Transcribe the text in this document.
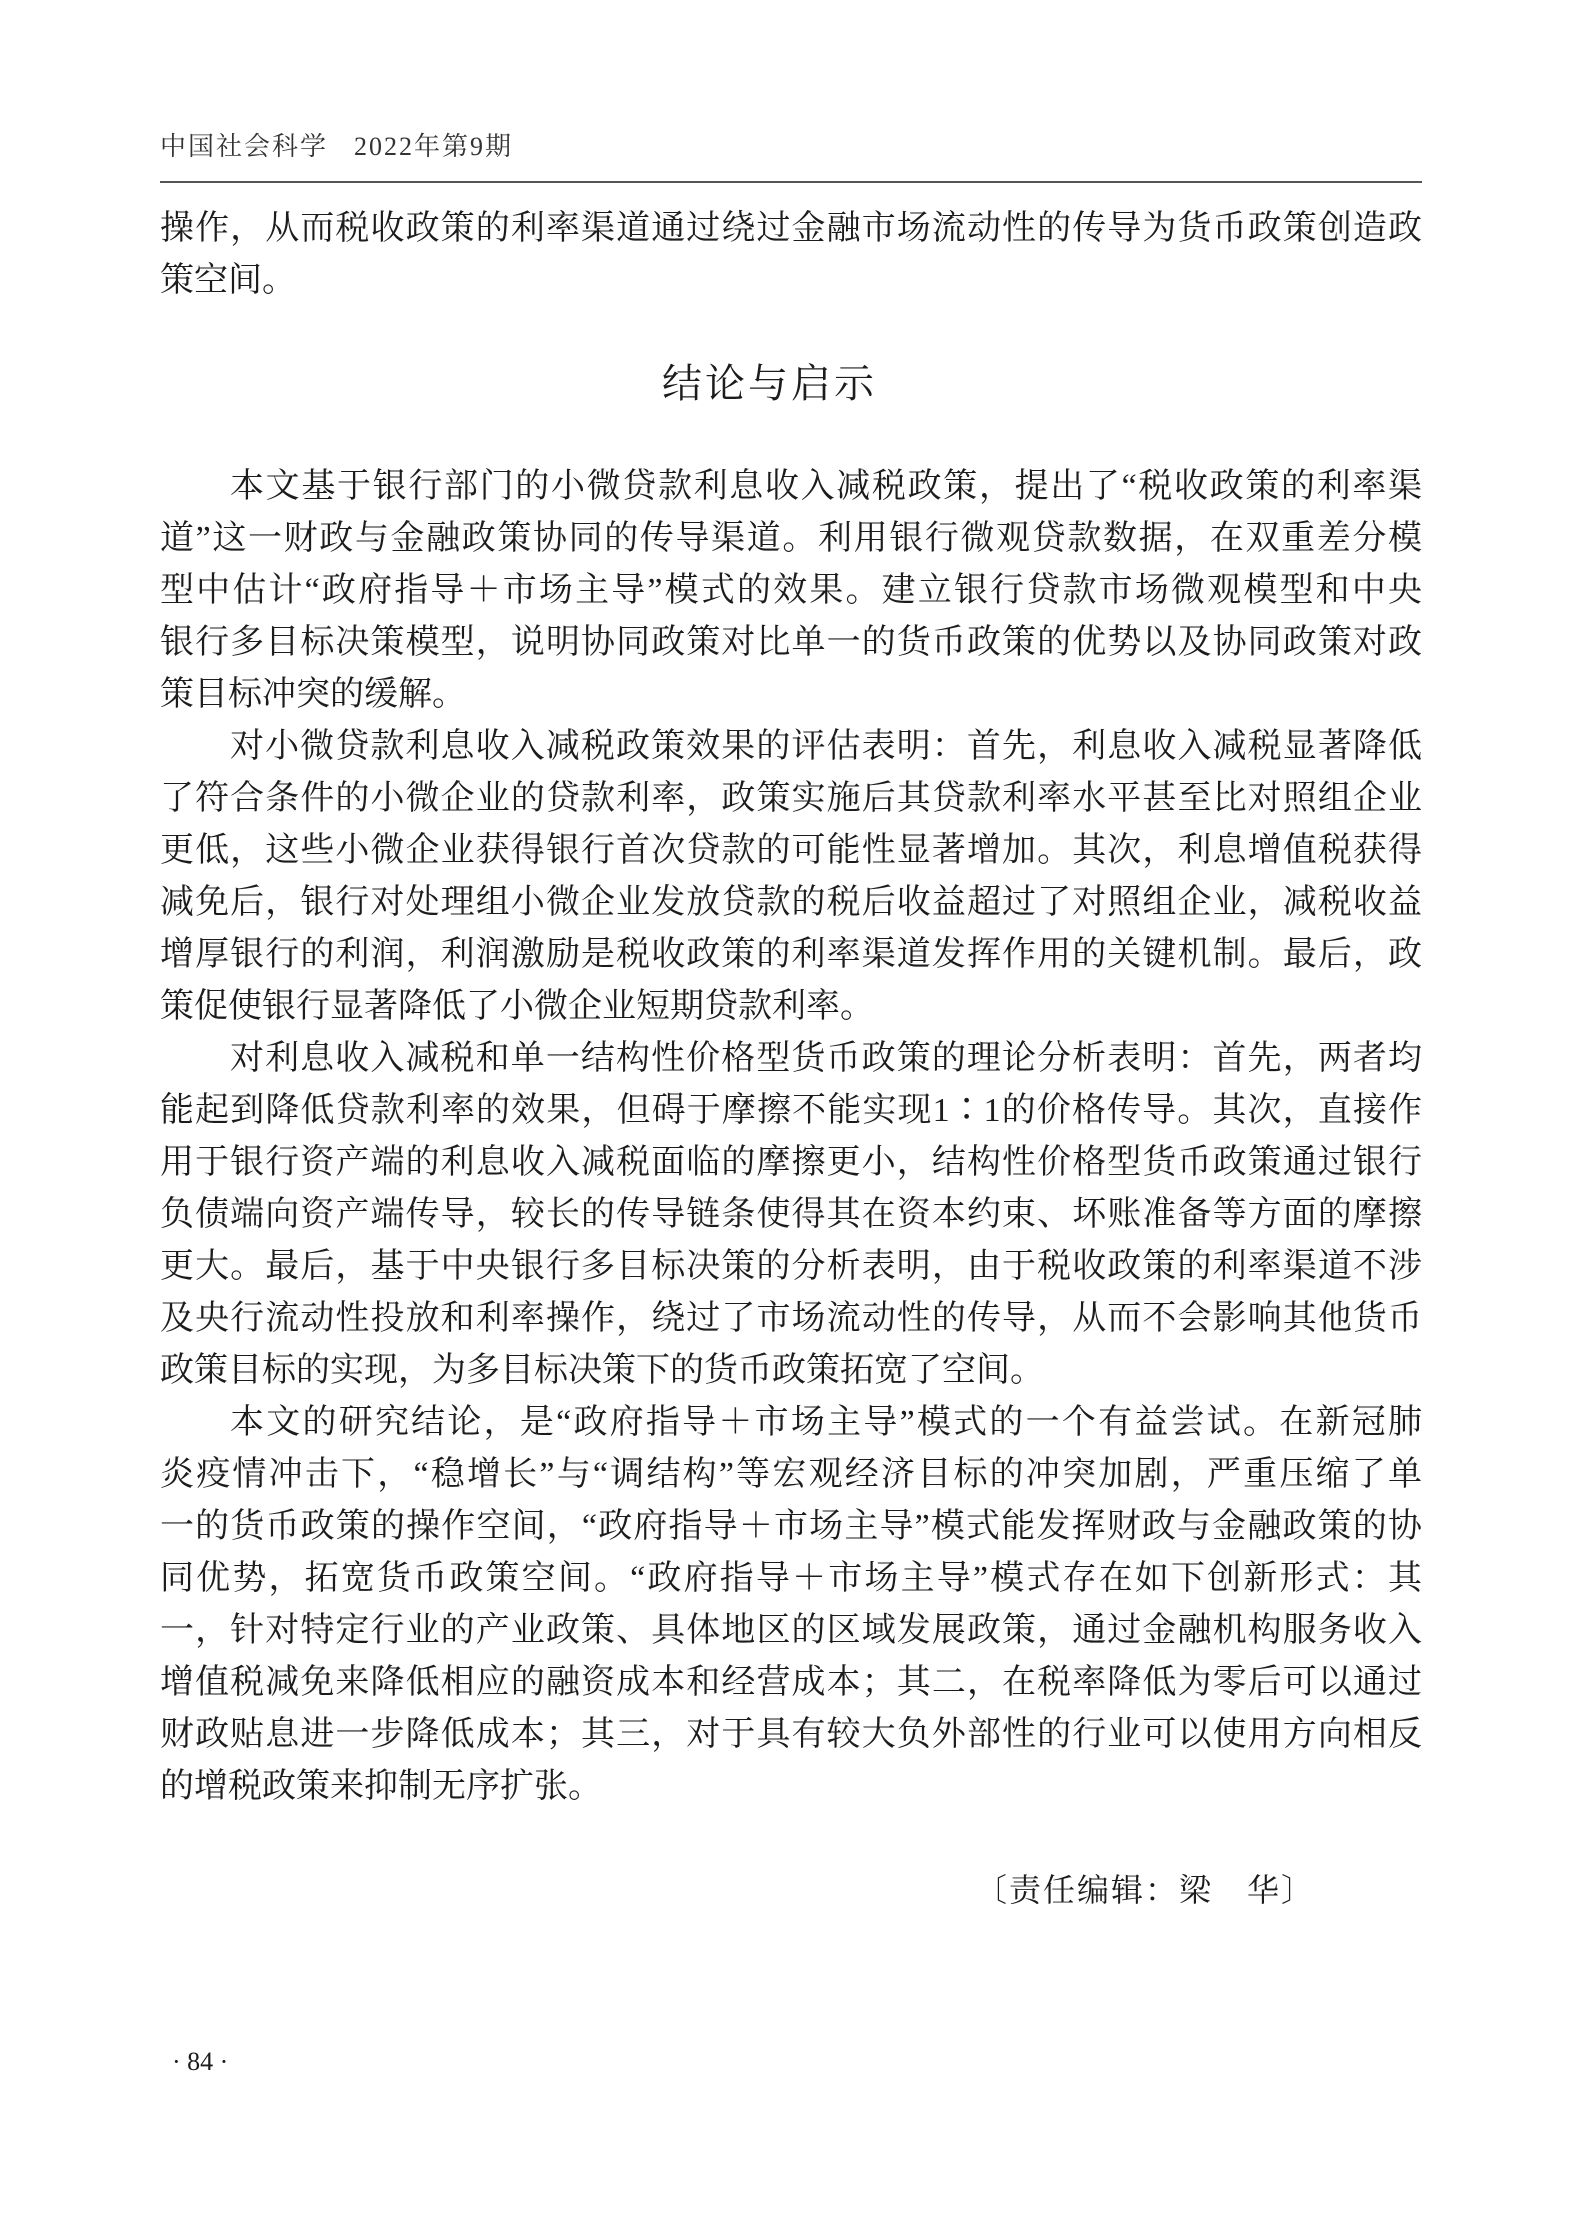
中国社会科学 2022年第9期
操作，从而税收政策的利率渠道通过绕过金融市场流动性的传导为货币政策创造政
策空间。
结论与启示
本文基于银行部门的小微贷款利息收入减税政策，提出了“税收政策的利率渠
道”这一财政与金融政策协同的传导渠道。利用银行微观贷款数据，在双重差分模
型中估计“政府指导＋市场主导”模式的效果。建立银行贷款市场微观模型和中央
银行多目标决策模型，说明协同政策对比单一的货币政策的优势以及协同政策对政
策目标冲突的缓解。
对小微贷款利息收入减税政策效果的评估表明：首先，利息收入减税显著降低
了符合条件的小微企业的贷款利率，政策实施后其贷款利率水平甚至比对照组企业
更低，这些小微企业获得银行首次贷款的可能性显著增加。其次，利息增值税获得
减免后，银行对处理组小微企业发放贷款的税后收益超过了对照组企业，减税收益
增厚银行的利润，利润激励是税收政策的利率渠道发挥作用的关键机制。最后，政
策促使银行显著降低了小微企业短期贷款利率。
对利息收入减税和单一结构性价格型货币政策的理论分析表明：首先，两者均
能起到降低贷款利率的效果，但碍于摩擦不能实现1∶1的价格传导。其次，直接作
用于银行资产端的利息收入减税面临的摩擦更小，结构性价格型货币政策通过银行
负债端向资产端传导，较长的传导链条使得其在资本约束、坏账准备等方面的摩擦
更大。最后，基于中央银行多目标决策的分析表明，由于税收政策的利率渠道不涉
及央行流动性投放和利率操作，绕过了市场流动性的传导，从而不会影响其他货币
政策目标的实现，为多目标决策下的货币政策拓宽了空间。
本文的研究结论，是“政府指导＋市场主导”模式的一个有益尝试。在新冠肺
炎疫情冲击下，“稳增长”与“调结构”等宏观经济目标的冲突加剧，严重压缩了单
一的货币政策的操作空间，“政府指导＋市场主导”模式能发挥财政与金融政策的协
同优势，拓宽货币政策空间。“政府指导＋市场主导”模式存在如下创新形式：其
一，针对特定行业的产业政策、具体地区的区域发展政策，通过金融机构服务收入
增值税减免来降低相应的融资成本和经营成本；其二，在税率降低为零后可以通过
财政贴息进一步降低成本；其三，对于具有较大负外部性的行业可以使用方向相反
的增税政策来抑制无序扩张。
〔责任编辑：梁　华〕
· 84 ·
